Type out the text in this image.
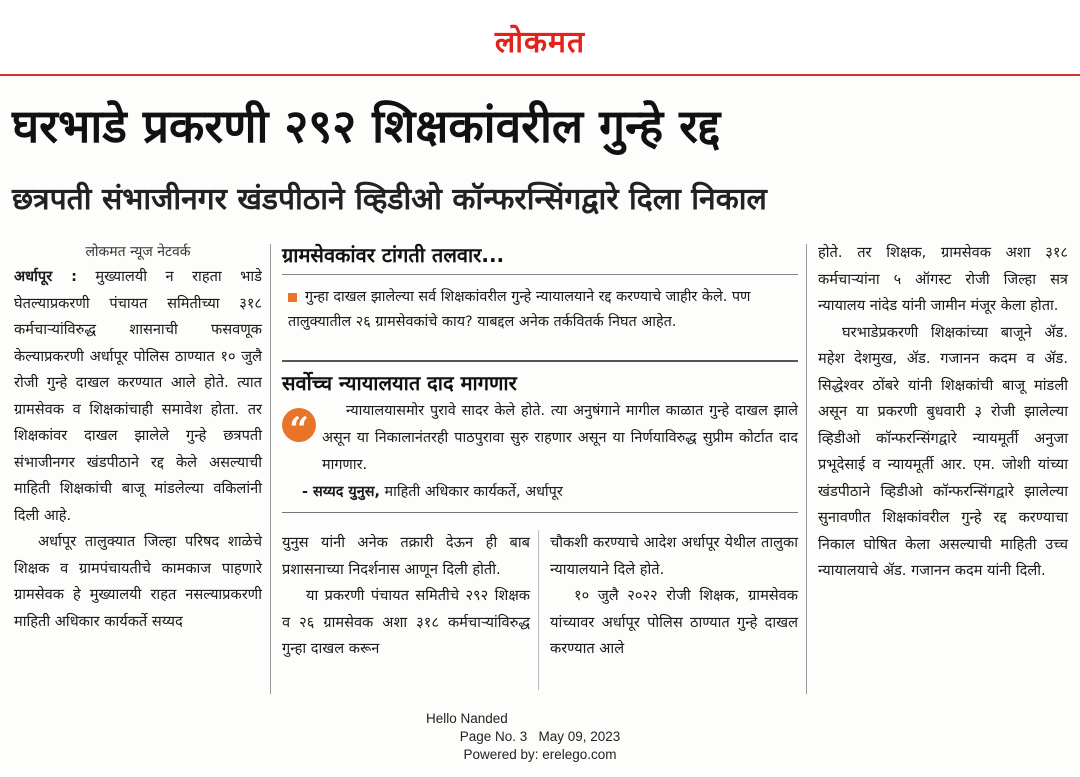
लोकमत
घरभाडे प्रकरणी २९२ शिक्षकांवरील गुन्हे रद्द
छत्रपती संभाजीनगर खंडपीठाने व्हिडीओ कॉन्फरन्सिंगद्वारे दिला निकाल
लोकमत न्यूज नेटवर्क

अर्धापूर : मुख्यालयी न राहता भाडे घेतल्याप्रकरणी पंचायत समितीच्या ३१८ कर्मचाऱ्यांविरुद्ध शासनाची फसवणूक केल्याप्रकरणी अर्धापूर पोलिस ठाण्यात १० जुलै रोजी गुन्हे दाखल करण्यात आले होते. त्यात ग्रामसेवक व शिक्षकांचाही समावेश होता. तर शिक्षकांवर दाखल झालेले गुन्हे छत्रपती संभाजीनगर खंडपीठाने रद्द केले असल्याची माहिती शिक्षकांची बाजू मांडलेल्या वकिलांनी दिली आहे.

अर्धापूर तालुक्यात जिल्हा परिषद शाळेचे शिक्षक व ग्रामपंचायतीचे कामकाज पाहणारे ग्रामसेवक हे मुख्यालयी राहत नसल्याप्रकरणी माहिती अधिकार कार्यकर्ते सय्यद

ग्रामसेवकांवर टांगती तलवार...
गुन्हा दाखल झालेल्या सर्व शिक्षकांवरील गुन्हे न्यायालयाने रद्द करण्याचे जाहीर केले. पण तालुक्यातील २६ ग्रामसेवकांचे काय? याबद्दल अनेक तर्कवितर्क निघत आहेत.
सर्वोच्च न्यायालयात दाद मागणार
“	न्यायालयासमोर पुरावे सादर केले होते. त्या अनुषंगाने मागील काळात गुन्हे दाखल झाले असून या निकालानंतरही पाठपुरावा सुरु राहणार असून या निर्णयाविरुद्ध सुप्रीम कोर्टात दाद मागणार.
- सय्यद युनुस, माहिती अधिकार कार्यकर्ते, अर्धापूर

युनुस यांनी अनेक तक्रारी देऊन ही बाब प्रशासनाच्या निदर्शनास आणून दिली होती.

या प्रकरणी पंचायत समितीचे २९२ शिक्षक व २६ ग्रामसेवक अशा ३१८ कर्मचाऱ्यांविरुद्ध गुन्हा दाखल करून

चौकशी करण्याचे आदेश अर्धापूर येथील तालुका न्यायालयाने दिले होते.

१० जुलै २०२२ रोजी शिक्षक, ग्रामसेवक यांच्यावर अर्धापूर पोलिस ठाण्यात गुन्हे दाखल करण्यात आले

होते. तर शिक्षक, ग्रामसेवक अशा ३१८ कर्मचाऱ्यांना ५ ऑगस्ट रोजी जिल्हा सत्र न्यायालय नांदेड यांनी जामीन मंजूर केला होता.

घरभाडेप्रकरणी शिक्षकांच्या बाजूने ॲड. महेश देशमुख, ॲड. गजानन कदम व ॲड. सिद्धेश्वर ठोंबरे यांनी शिक्षकांची बाजू मांडली असून या प्रकरणी बुधवारी ३ रोजी झालेल्या व्हिडीओ कॉन्फरन्सिंगद्वारे न्यायमूर्ती अनुजा प्रभूदेसाई व न्यायमूर्ती आर. एम. जोशी यांच्या खंडपीठाने व्हिडीओ कॉन्फरन्सिंगद्वारे झालेल्या सुनावणीत शिक्षकांवरील गुन्हे रद्द करण्याचा निकाल घोषित केला असल्याची माहिती उच्च न्यायालयाचे ॲड. गजानन कदम यांनी दिली.

Hello Nanded
Page No. 3 May 09, 2023
Powered by: erelego.com
